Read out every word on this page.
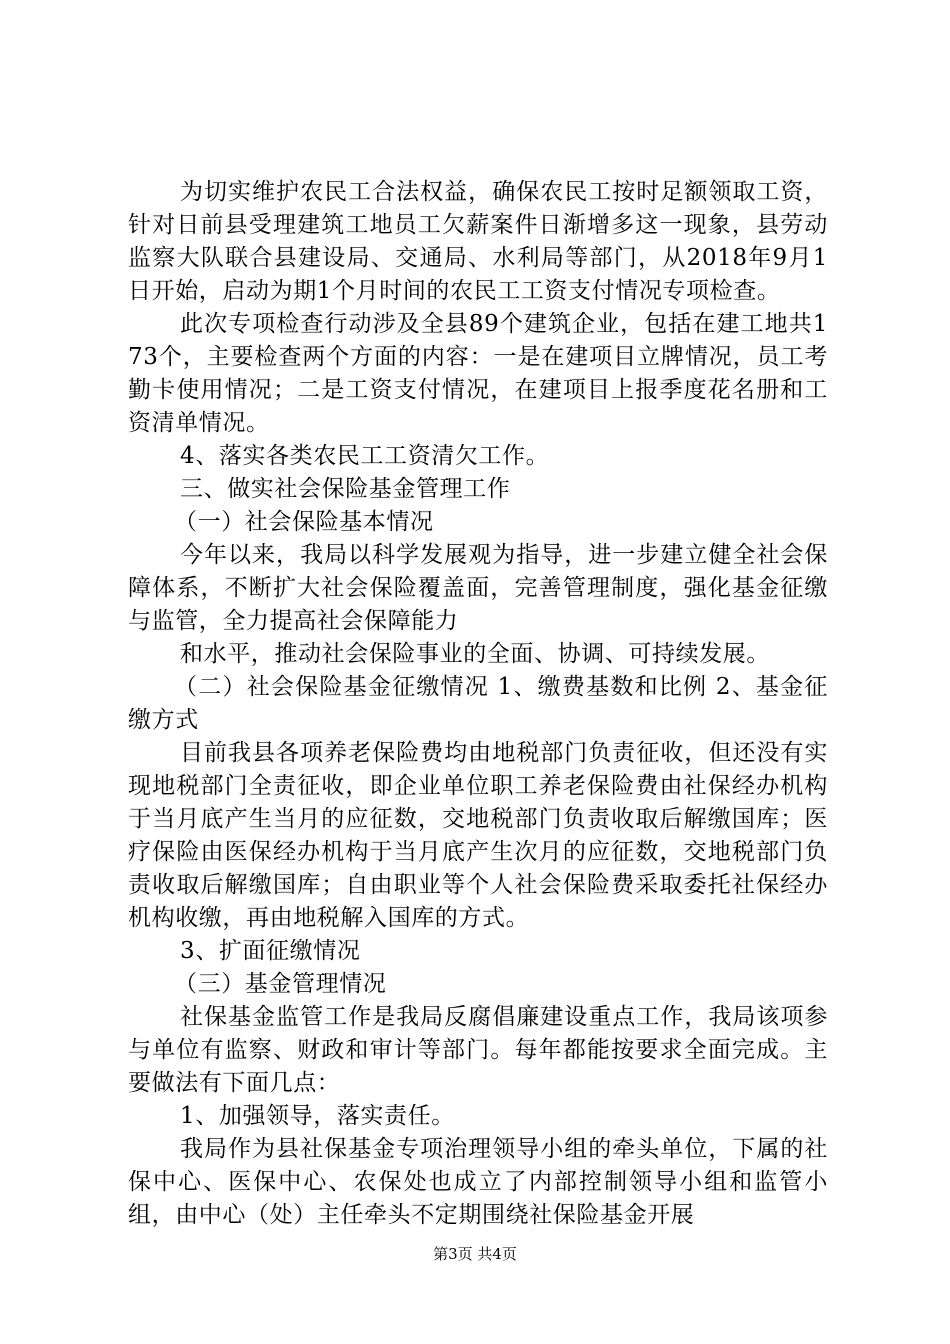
为切实维护农民工合法权益，确保农民工按时足额领取工资，针对日前县受理建筑工地员工欠薪案件日渐增多这一现象，县劳动监察大队联合县建设局、交通局、水利局等部门，从2018年9月1日开始，启动为期1个月时间的农民工工资支付情况专项检查。

此次专项检查行动涉及全县89个建筑企业，包括在建工地共173个，主要检查两个方面的内容：一是在建项目立牌情况，员工考勤卡使用情况；二是工资支付情况，在建项目上报季度花名册和工资清单情况。

4、落实各类农民工工资清欠工作。

三、做实社会保险基金管理工作

（一）社会保险基本情况

今年以来，我局以科学发展观为指导，进一步建立健全社会保障体系，不断扩大社会保险覆盖面，完善管理制度，强化基金征缴与监管，全力提高社会保障能力

和水平，推动社会保险事业的全面、协调、可持续发展。

（二）社会保险基金征缴情况 1、缴费基数和比例 2、基金征缴方式

目前我县各项养老保险费均由地税部门负责征收，但还没有实现地税部门全责征收，即企业单位职工养老保险费由社保经办机构于当月底产生当月的应征数，交地税部门负责收取后解缴国库；医疗保险由医保经办机构于当月底产生次月的应征数，交地税部门负责收取后解缴国库；自由职业等个人社会保险费采取委托社保经办机构收缴，再由地税解入国库的方式。

3、扩面征缴情况

（三）基金管理情况

社保基金监管工作是我局反腐倡廉建设重点工作，我局该项参与单位有监察、财政和审计等部门。每年都能按要求全面完成。主要做法有下面几点：

1、加强领导，落实责任。

我局作为县社保基金专项治理领导小组的牵头单位，下属的社保中心、医保中心、农保处也成立了内部控制领导小组和监管小组，由中心（处）主任牵头不定期围绕社保险基金开展

第3页 共4页
